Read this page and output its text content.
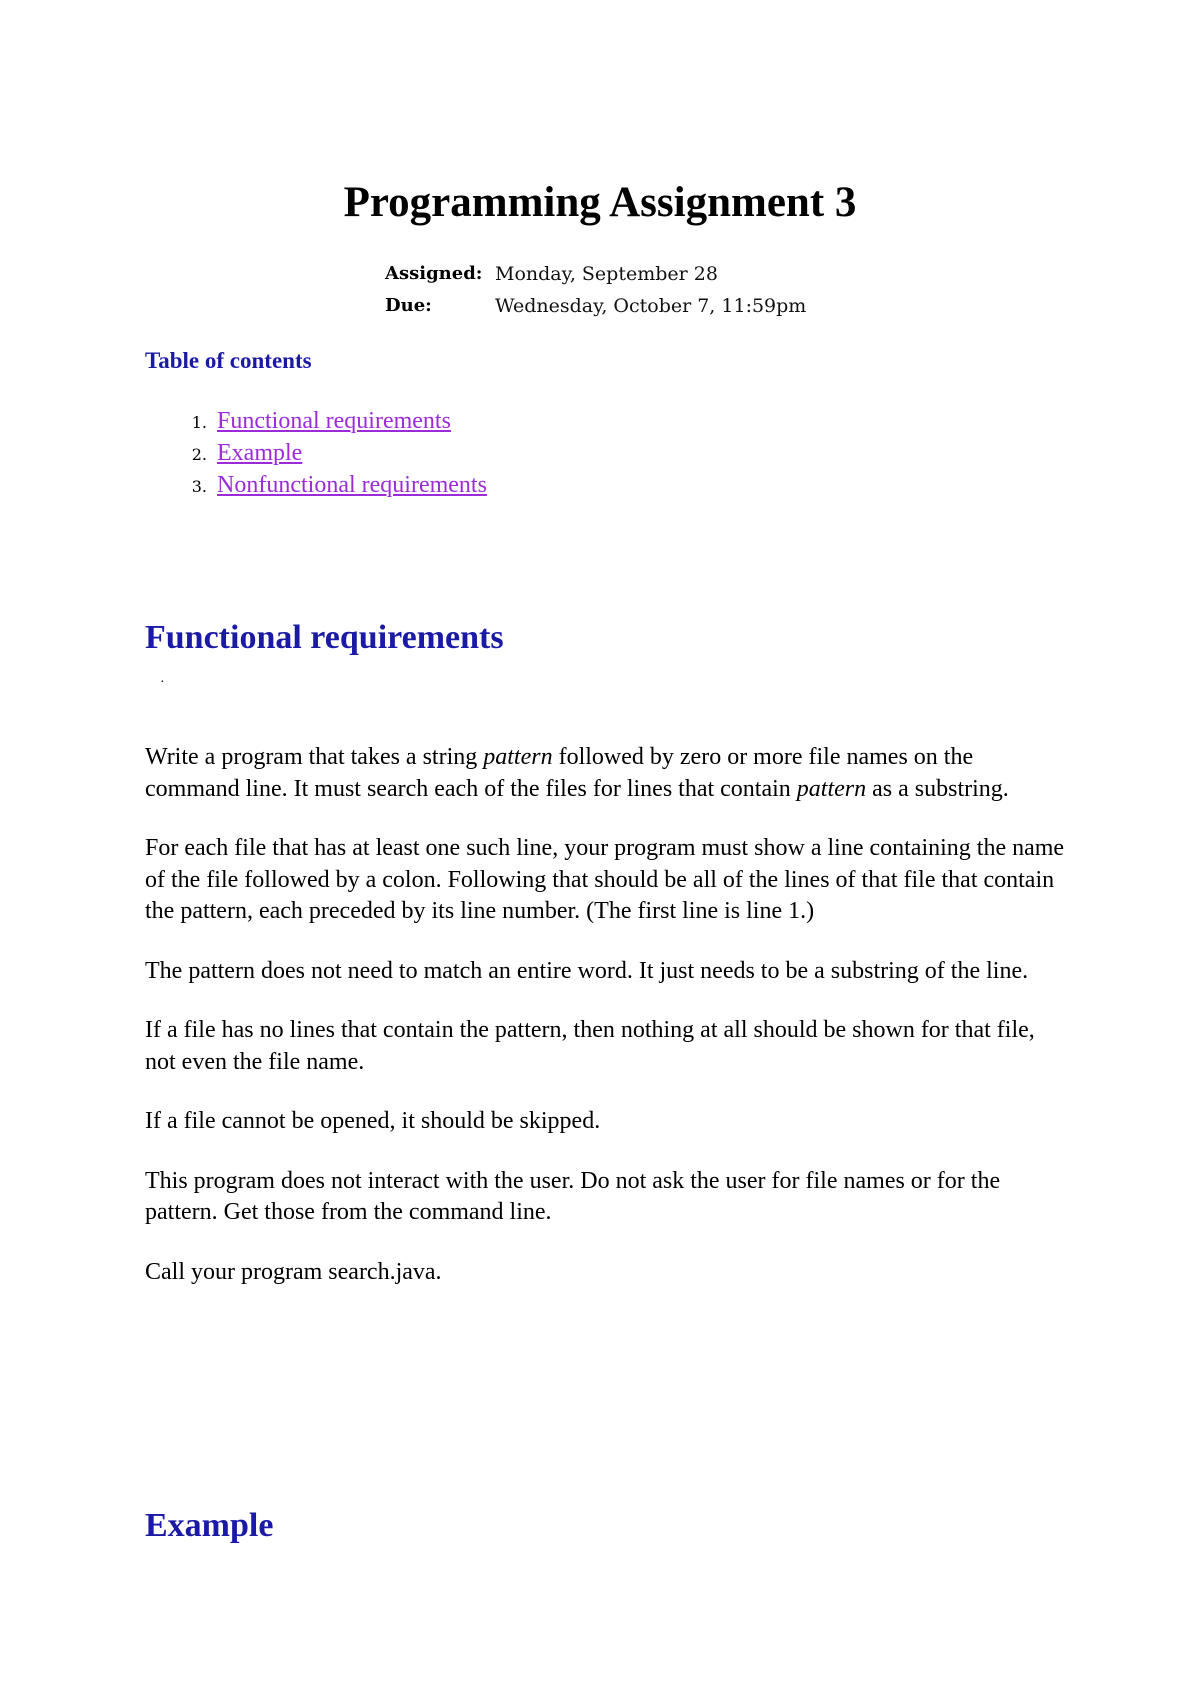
Programming Assignment 3
Assigned: Monday, September 28
Due:	Wednesday, October 7, 11:59pm
Table of contents
1. Functional requirements
2. Example
3. Nonfunctional requirements
Functional requirements
·

Write a program that takes a string pattern followed by zero or more file names on the command line. It must search each of the files for lines that contain pattern as a substring.

For each file that has at least one such line, your program must show a line containing the name of the file followed by a colon. Following that should be all of the lines of that file that contain the pattern, each preceded by its line number. (The first line is line 1.)

The pattern does not need to match an entire word. It just needs to be a substring of the line.

If a file has no lines that contain the pattern, then nothing at all should be shown for that file, not even the file name.

If a file cannot be opened, it should be skipped.

This program does not interact with the user. Do not ask the user for file names or for the pattern. Get those from the command line.

Call your program search.java.

Example
